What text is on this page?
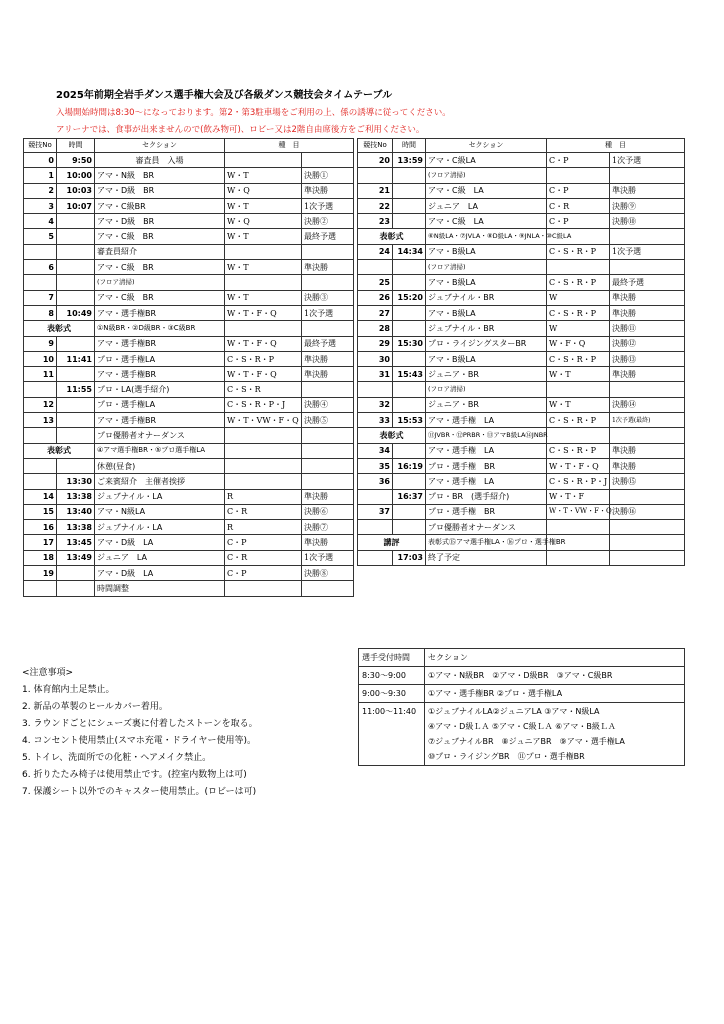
2025年前期全岩手ダンス選手権大会及び各級ダンス競技会タイムテーブル
入場開始時間は8:30～になっております。第2・第3駐車場をご利用の上、係の誘導に従ってください。
アリーナでは、食事が出来ませんので(飲み物可)、ロビー又は2階自由席後方をご利用ください。
競技No	時間	セクション	種　目	
0	9:50	審査員　入場		
1	10:00	アマ・N級　BR	W・T	決勝①
2	10:03	アマ・D級　BR	W・Q	準決勝
3	10:07	アマ・C級BR	W・T	1次予選
4		アマ・D級　BR	W・Q	決勝②
5		アマ・C級　BR	W・T	最終予選
		審査員紹介		
6		アマ・C級　BR	W・T	準決勝
		(フロア清掃)		
7		アマ・C級　BR	W・T	決勝③
8	10:49	アマ・選手権BR	W・T・F・Q	1次予選
表彰式		①N級BR・②D級BR・③C級BR		
9		アマ・選手権BR	W・T・F・Q	最終予選
10	11:41	プロ・選手権LA	C・S・R・P	準決勝
11		アマ・選手権BR	W・T・F・Q	準決勝
	11:55	プロ・LA(選手紹介)	C・S・R	
12		プロ・選手権LA	C・S・R・P・J	決勝④
13		アマ・選手権BR	W・T・VW・F・Q	決勝⑤
		プロ優勝者オナーダンス		
表彰式		④アマ選手権BR・⑤プロ選手権LA		
		休憩(昼食)		
	13:30	ご来賓紹介　主催者挨拶		
14	13:38	ジュブナイル・LA	R	準決勝
15	13:40	アマ・N級LA	C・R	決勝⑥
16	13:38	ジュブナイル・LA	R	決勝⑦
17	13:45	アマ・D級　LA	C・P	準決勝
18	13:49	ジュニア　LA	C・R	1次予選
19		アマ・D級　LA	C・P	決勝⑧
		時間調整		
競技No	時間	セクション	種　目	
20	13:59	アマ・C級LA	C・P	1次予選
		(フロア清掃)		
21		アマ・C級　LA	C・P	準決勝
22		ジュニア　LA	C・R	決勝⑨
23		アマ・C級　LA	C・P	決勝⑩
表彰式		⑥N級LA・⑦JVLA・⑧D級LA・⑨JNLA・⑩C級LA		
24	14:34	アマ・B級LA	C・S・R・P	1次予選
		(フロア清掃)		
25		アマ・B級LA	C・S・R・P	最終予選
26	15:20	ジュブナイル・BR	W	準決勝
27		アマ・B級LA	C・S・R・P	準決勝
28		ジュブナイル・BR	W	決勝⑪
29	15:30	プロ・ライジングスターBR	W・F・Q	決勝⑫
30		アマ・B級LA	C・S・R・P	決勝⑬
31	15:43	ジュニア・BR	W・T	準決勝
		(フロア清掃)		
32		ジュニア・BR	W・T	決勝⑭
33	15:53	アマ・選手権　LA	C・S・R・P	1次予選(最終)
表彰式		⑪JVBR・⑫PRBR・⑬アマB級LA⑭JNBR		
34		アマ・選手権　LA	C・S・R・P	準決勝
35	16:19	プロ・選手権　BR	W・T・F・Q	準決勝
36		アマ・選手権　LA	C・S・R・P・J	決勝⑮
	16:37	プロ・BR　(選手紹介)	W・T・F	
37		プロ・選手権　BR	W・T・VW・F・Q	決勝⑯
		プロ優勝者オナーダンス		
講評		表彰式⑮アマ選手権LA・⑯プロ・選手権BR		
	17:03	終了予定		
選手受付時間	セクション
8:30～9:00	①アマ・N級BR　②アマ・D級BR　③アマ・C級BR

9:00～9:30	①アマ・選手権BR ②プロ・選手権LA

11:00～11:40	①ジュブナイルLA②ジュニアLA ③アマ・N級LA
④アマ・D級ＬＡ ⑤アマ・C級ＬＡ ⑥アマ・B級ＬＡ
⑦ジュブナイルBR　⑧ジュニアBR　⑨アマ・選手権LA
⑩プロ・ライジングBR　⑪プロ・選手権BR
<注意事項>
1. 体育館内土足禁止。
2. 新品の革製のヒールカバー着用。
3. ラウンドごとにシューズ裏に付着したストーンを取る。
4. コンセント使用禁止(スマホ充電・ドライヤー使用等)。
5. トイレ、洗面所での化粧・ヘアメイク禁止。
6. 折りたたみ椅子は使用禁止です。(控室内数物上は可)
7. 保護シート以外でのキャスター使用禁止。(ロビーは可)
